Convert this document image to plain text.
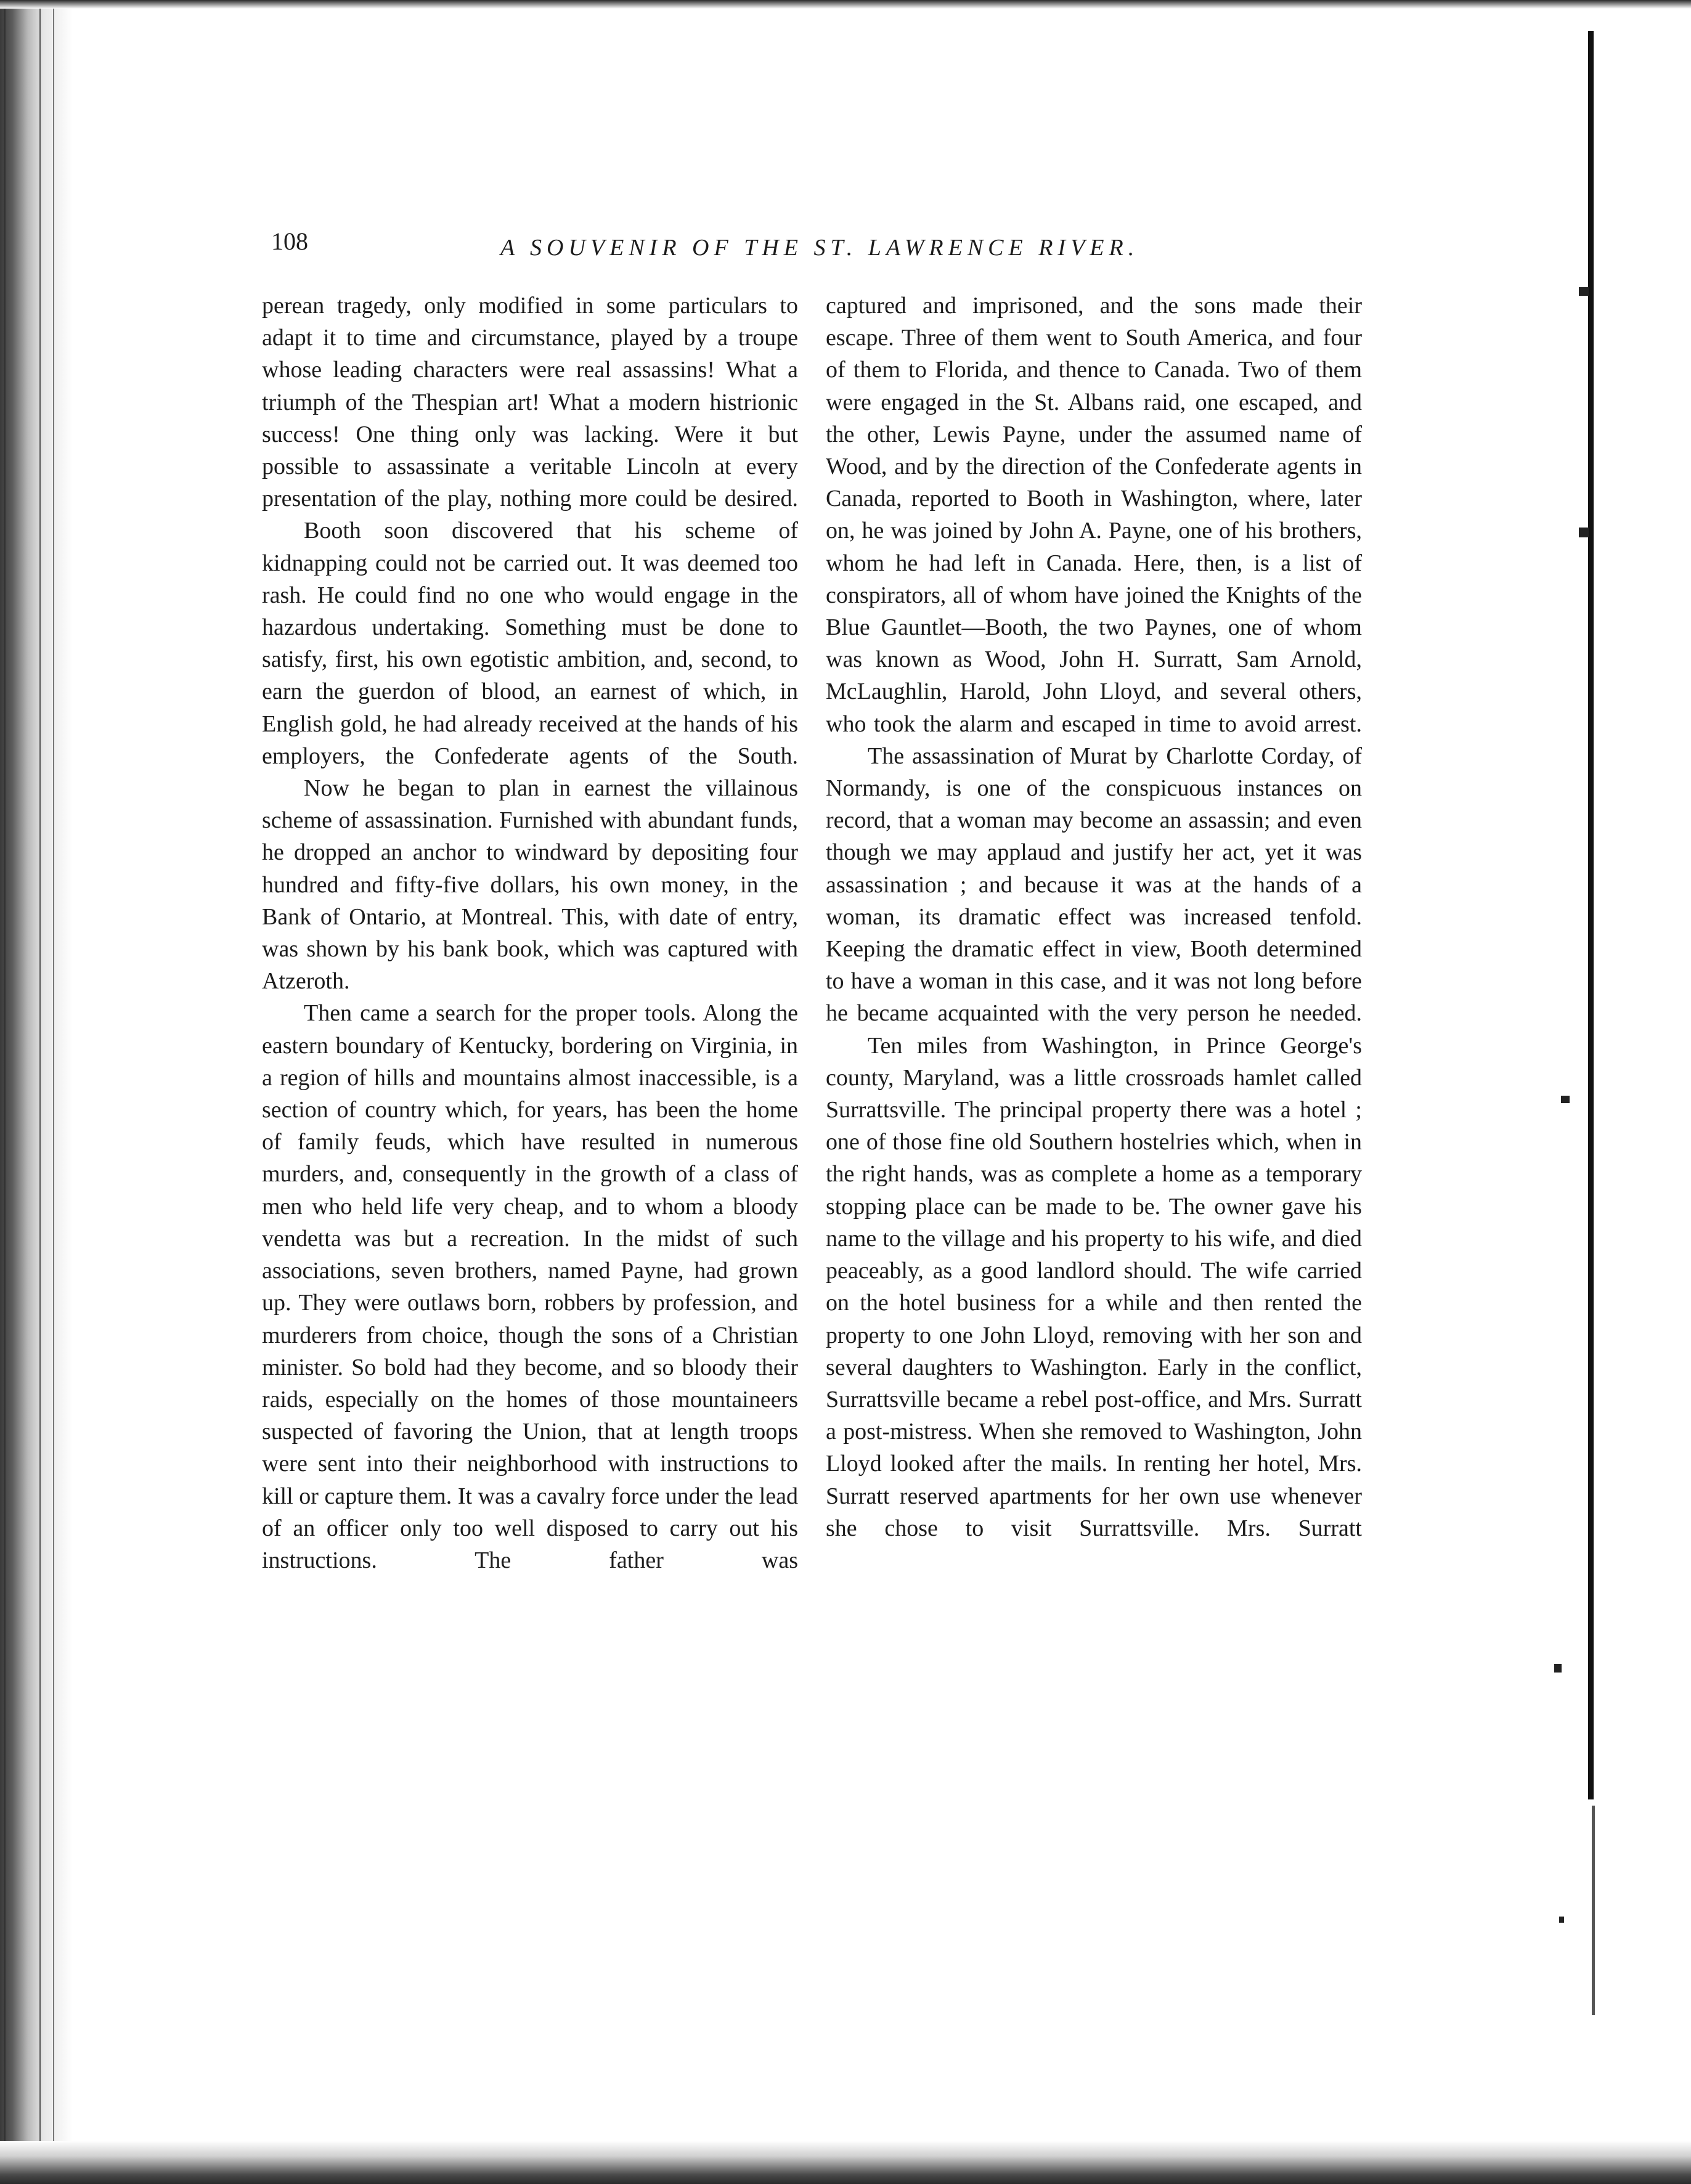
108	A SOUVENIR OF THE ST. LAWRENCE RIVER.

perean tragedy, only modified in some particulars to adapt it to time and circumstance, played by a troupe whose leading characters were real assassins! What a triumph of the Thespian art! What a modern histrionic success! One thing only was lacking. Were it but possible to assassinate a veritable Lincoln at every presentation of the play, nothing more could be desired.

Booth soon discovered that his scheme of kidnapping could not be carried out. It was deemed too rash. He could find no one who would engage in the hazardous undertaking. Something must be done to satisfy, first, his own egotistic ambition, and, second, to earn the guerdon of blood, an earnest of which, in English gold, he had already received at the hands of his employers, the Confederate agents of the South.

Now he began to plan in earnest the villainous scheme of assassination. Furnished with abundant funds, he dropped an anchor to windward by depositing four hundred and fifty-five dollars, his own money, in the Bank of Ontario, at Montreal. This, with date of entry, was shown by his bank book, which was captured with Atzeroth.

Then came a search for the proper tools. Along the eastern boundary of Kentucky, bordering on Virginia, in a region of hills and mountains almost inaccessible, is a section of country which, for years, has been the home of family feuds, which have resulted in numerous murders, and, consequently in the growth of a class of men who held life very cheap, and to whom a bloody vendetta was but a recreation. In the midst of such associations, seven brothers, named Payne, had grown up. They were outlaws born, robbers by profession, and murderers from choice, though the sons of a Christian minister. So bold had they become, and so bloody their raids, especially on the homes of those mountaineers suspected of favoring the Union, that at length troops were sent into their neighborhood with instructions to kill or capture them. It was a cavalry force under the lead of an officer only too well disposed to carry out his instructions. The father was

captured and imprisoned, and the sons made their escape. Three of them went to South America, and four of them to Florida, and thence to Canada. Two of them were engaged in the St. Albans raid, one escaped, and the other, Lewis Payne, under the assumed name of Wood, and by the direction of the Confederate agents in Canada, reported to Booth in Washington, where, later on, he was joined by John A. Payne, one of his brothers, whom he had left in Canada. Here, then, is a list of conspirators, all of whom have joined the Knights of the Blue Gauntlet—Booth, the two Paynes, one of whom was known as Wood, John H. Surratt, Sam Arnold, McLaughlin, Harold, John Lloyd, and several others, who took the alarm and escaped in time to avoid arrest.

The assassination of Murat by Charlotte Corday, of Normandy, is one of the conspicuous instances on record, that a woman may become an assassin; and even though we may applaud and justify her act, yet it was assassination ; and because it was at the hands of a woman, its dramatic effect was increased tenfold. Keeping the dramatic effect in view, Booth determined to have a woman in this case, and it was not long before he became acquainted with the very person he needed.

Ten miles from Washington, in Prince George's county, Maryland, was a little crossroads hamlet called Surrattsville. The principal property there was a hotel ; one of those fine old Southern hostelries which, when in the right hands, was as complete a home as a temporary stopping place can be made to be. The owner gave his name to the village and his property to his wife, and died peaceably, as a good landlord should. The wife carried on the hotel business for a while and then rented the property to one John Lloyd, removing with her son and several daughters to Washington. Early in the conflict, Surrattsville became a rebel post-office, and Mrs. Surratt a post-mistress. When she removed to Washington, John Lloyd looked after the mails. In renting her hotel, Mrs. Surratt reserved apartments for her own use whenever she chose to visit Surrattsville. Mrs. Surratt
